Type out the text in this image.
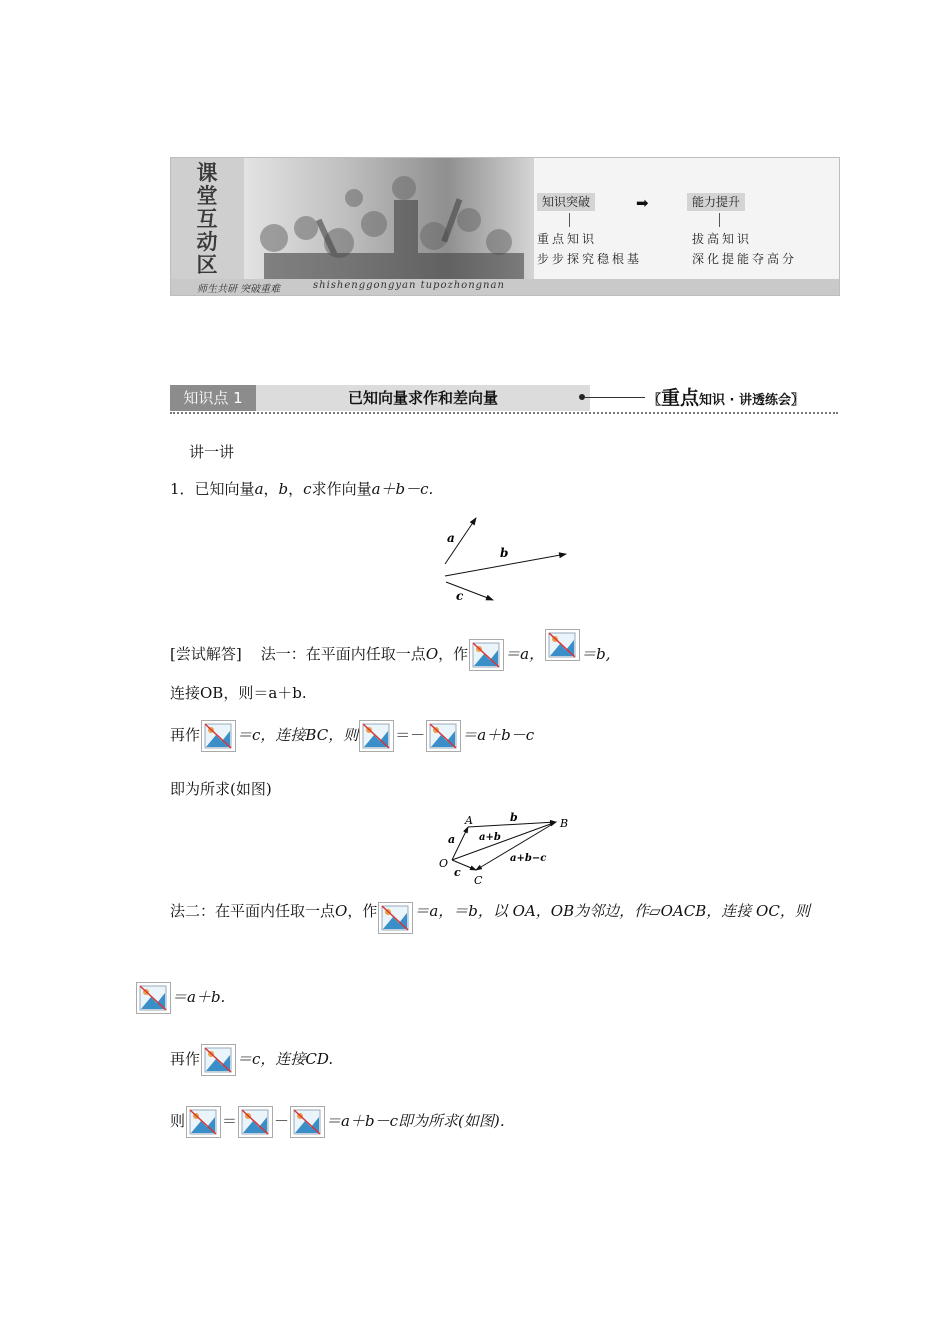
课
堂
互
动
区
师生共研 突破重难	shishenggongyan tupozhongnan
知识突破	➡	能力提升
重点知识
步步探究稳根基
拔高知识
深化提能夺高分
知识点 1	已知向量求作和差向量	〖重点知识 · 讲透练会〗
讲一讲
1．已知向量a，b，c求作向量a＋b－c.
a
b
c
[尝试解答] 法一：在平面内任取一点O，作 ＝a， ＝b,
连接OB，则＝a＋b.
再作 ＝c，连接BC，则 ＝－ ＝a＋b－c
即为所求(如图)
A	b	B
a a+b
O	a+b−c
c
C
法二：在平面内任取一点O，作 ＝a，＝b，以 OA，OB为邻边，作▱OACB，连接 OC，则
＝a＋b.
再作 ＝c，连接CD.
则 ＝ － ＝a＋b－c即为所求(如图)．
